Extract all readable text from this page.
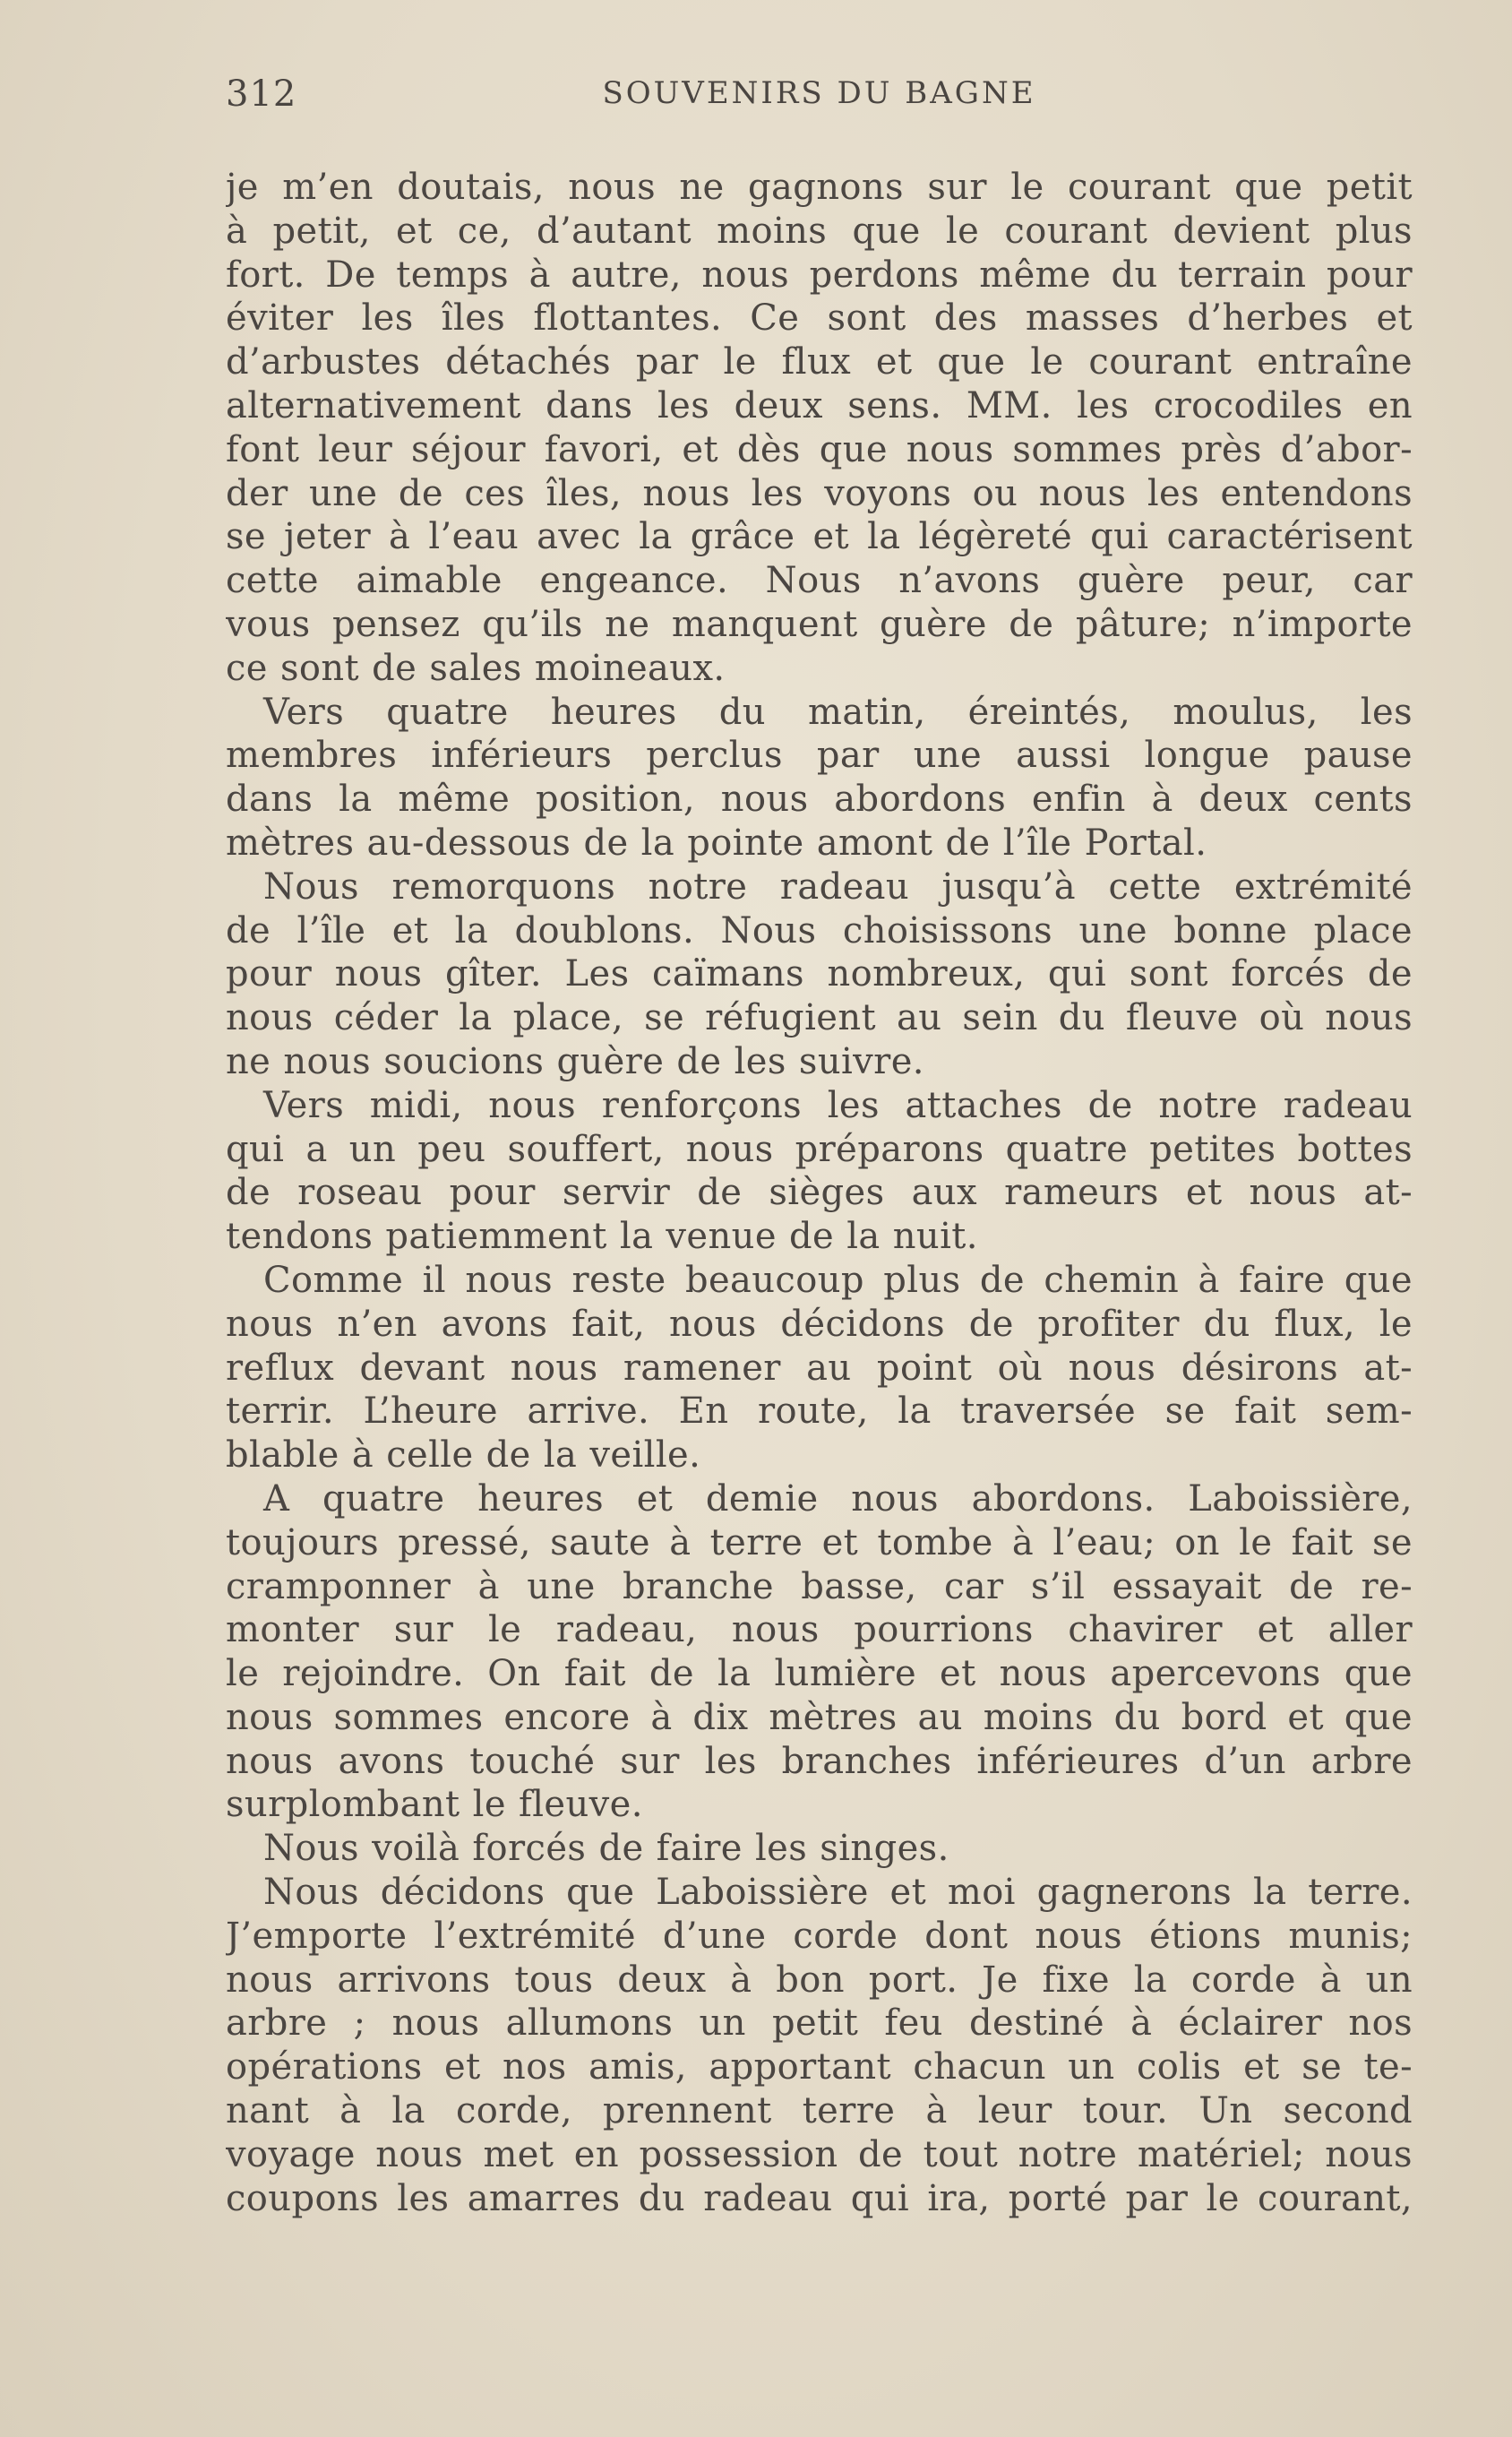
312	SOUVENIRS DU BAGNE
je m’en doutais, nous ne gagnons sur le courant que petit
à petit, et ce, d’autant moins que le courant devient plus
fort. De temps à autre, nous perdons même du terrain pour
éviter les îles flottantes. Ce sont des masses d’herbes et
d’arbustes détachés par le flux et que le courant entraîne
alternativement dans les deux sens. MM. les crocodiles en
font leur séjour favori, et dès que nous sommes près d’abor-
der une de ces îles, nous les voyons ou nous les entendons
se jeter à l’eau avec la grâce et la légèreté qui caractérisent
cette aimable engeance. Nous n’avons guère peur, car
vous pensez qu’ils ne manquent guère de pâture; n’importe
ce sont de sales moineaux.
Vers quatre heures du matin, éreintés, moulus, les
membres inférieurs perclus par une aussi longue pause
dans la même position, nous abordons enfin à deux cents
mètres au-dessous de la pointe amont de l’île Portal.
Nous remorquons notre radeau jusqu’à cette extrémité
de l’île et la doublons. Nous choisissons une bonne place
pour nous gîter. Les caïmans nombreux, qui sont forcés de
nous céder la place, se réfugient au sein du fleuve où nous
ne nous soucions guère de les suivre.
Vers midi, nous renforçons les attaches de notre radeau
qui a un peu souffert, nous préparons quatre petites bottes
de roseau pour servir de sièges aux rameurs et nous at-
tendons patiemment la venue de la nuit.
Comme il nous reste beaucoup plus de chemin à faire que
nous n’en avons fait, nous décidons de profiter du flux, le
reflux devant nous ramener au point où nous désirons at-
terrir. L’heure arrive. En route, la traversée se fait sem-
blable à celle de la veille.
A quatre heures et demie nous abordons. Laboissière,
toujours pressé, saute à terre et tombe à l’eau; on le fait se
cramponner à une branche basse, car s’il essayait de re-
monter sur le radeau, nous pourrions chavirer et aller
le rejoindre. On fait de la lumière et nous apercevons que
nous sommes encore à dix mètres au moins du bord et que
nous avons touché sur les branches inférieures d’un arbre
surplombant le fleuve.
Nous voilà forcés de faire les singes.
Nous décidons que Laboissière et moi gagnerons la terre.
J’emporte l’extrémité d’une corde dont nous étions munis;
nous arrivons tous deux à bon port. Je fixe la corde à un
arbre ; nous allumons un petit feu destiné à éclairer nos
opérations et nos amis, apportant chacun un colis et se te-
nant à la corde, prennent terre à leur tour. Un second
voyage nous met en possession de tout notre matériel; nous
coupons les amarres du radeau qui ira, porté par le courant,
